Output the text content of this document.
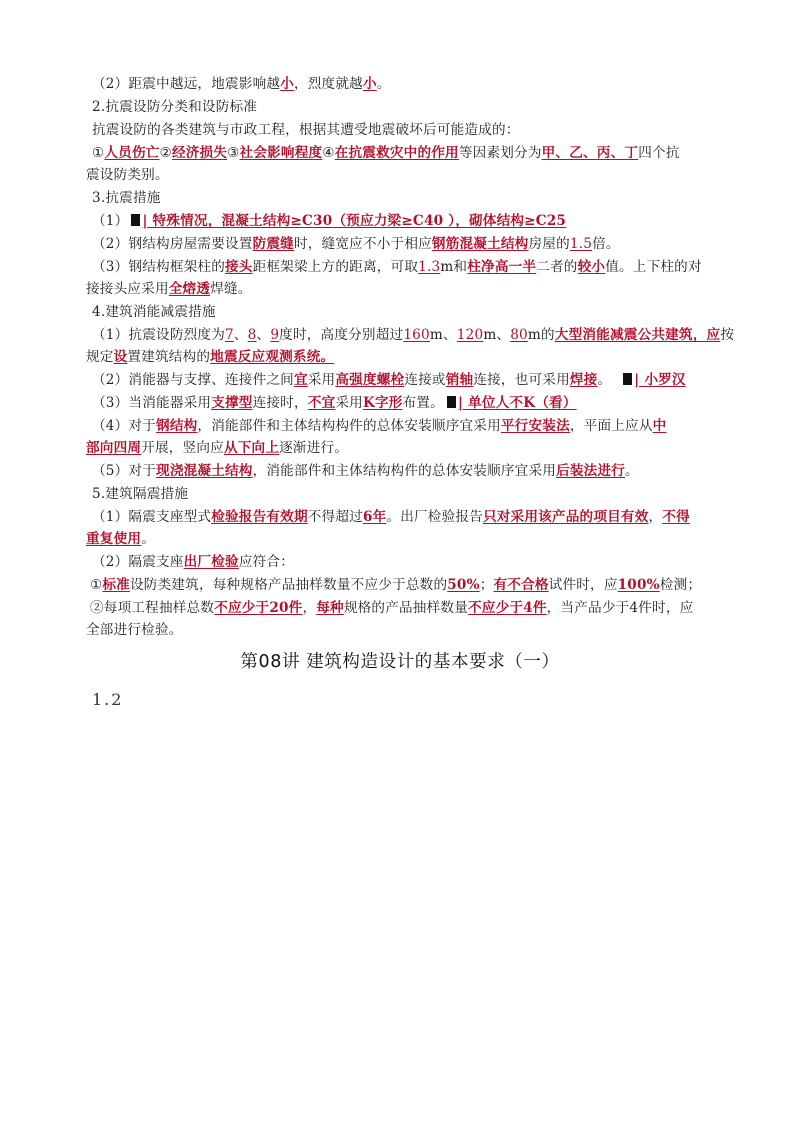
（2）距震中越远，地震影响越小，烈度就越小。
2.抗震设防分类和设防标准
抗震设防的各类建筑与市政工程，根据其遭受地震破坏后可能造成的：
①人员伤亡②经济损失③社会影响程度④在抗震救灾中的作用等因素划分为甲、乙、丙、丁四个抗
震设防类别。
3.抗震措施
（1） | 特殊情况，混凝土结构≥C30（预应力梁≥C40 ），砌体结构≥C25
（2）钢结构房屋需要设置防震缝时，缝宽应不小于相应钢筋混凝土结构房屋的1.5倍。
（3）钢结构框架柱的接头距框架梁上方的距离，可取1.3m和柱净高一半二者的较小值。上下柱的对
接接头应采用全熔透焊缝。
4.建筑消能减震措施
（1）抗震设防烈度为7、8、9度时，高度分别超过160m、120m、80m的大型消能减震公共建筑，应按
规定设置建筑结构的地震反应观测系统。
（2）消能器与支撑、连接件之间宜采用高强度螺栓连接或销轴连接，也可采用焊接。 | 小罗汉
（3）当消能器采用支撑型连接时，不宜采用K字形布置。 | 单位人不K（看）
（4）对于钢结构，消能部件和主体结构构件的总体安装顺序宜采用平行安装法，平面上应从中
部向四周开展，竖向应从下向上逐渐进行。
（5）对于现浇混凝土结构，消能部件和主体结构构件的总体安装顺序宜采用后装法进行。
5.建筑隔震措施
（1）隔震支座型式检验报告有效期不得超过6年。出厂检验报告只对采用该产品的项目有效，不得
重复使用。
（2）隔震支座出厂检验应符合：
①标准设防类建筑，每种规格产品抽样数量不应少于总数的50%；有不合格试件时，应100%检测；
②每项工程抽样总数不应少于20件，每种规格的产品抽样数量不应少于4件，当产品少于4件时，应
全部进行检验。
第08讲 建筑构造设计的基本要求（一）
1.2
